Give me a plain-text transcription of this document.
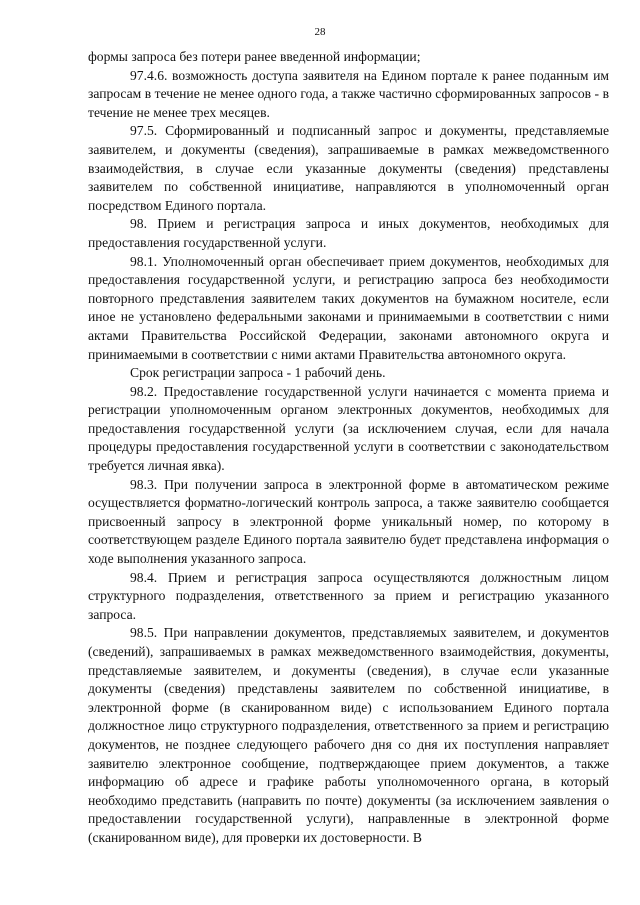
28

формы запроса без потери ранее введенной информации;

97.4.6. возможность доступа заявителя на Едином портале к ранее поданным им запросам в течение не менее одного года, а также частично сформированных запросов - в течение не менее трех месяцев.

97.5. Сформированный и подписанный запрос и документы, представляемые заявителем, и документы (сведения), запрашиваемые в рамках межведомственного взаимодействия, в случае если указанные документы (сведения) представлены заявителем по собственной инициативе, направляются в уполномоченный орган посредством Единого портала.

98. Прием и регистрация запроса и иных документов, необходимых для предоставления государственной услуги.

98.1. Уполномоченный орган обеспечивает прием документов, необходимых для предоставления государственной услуги, и регистрацию запроса без необходимости повторного представления заявителем таких документов на бумажном носителе, если иное не установлено федеральными законами и принимаемыми в соответствии с ними актами Правительства Российской Федерации, законами автономного округа и принимаемыми в соответствии с ними актами Правительства автономного округа.

Срок регистрации запроса - 1 рабочий день.

98.2. Предоставление государственной услуги начинается с момента приема и регистрации уполномоченным органом электронных документов, необходимых для предоставления государственной услуги (за исключением случая, если для начала процедуры предоставления государственной услуги в соответствии с законодательством требуется личная явка).

98.3. При получении запроса в электронной форме в автоматическом режиме осуществляется форматно-логический контроль запроса, а также заявителю сообщается присвоенный запросу в электронной форме уникальный номер, по которому в соответствующем разделе Единого портала заявителю будет представлена информация о ходе выполнения указанного запроса.

98.4. Прием и регистрация запроса осуществляются должностным лицом структурного подразделения, ответственного за прием и регистрацию указанного запроса.

98.5. При направлении документов, представляемых заявителем, и документов (сведений), запрашиваемых в рамках межведомственного взаимодействия, документы, представляемые заявителем, и документы (сведения), в случае если указанные документы (сведения) представлены заявителем по собственной инициативе, в электронной форме (в сканированном виде) с использованием Единого портала должностное лицо структурного подразделения, ответственного за прием и регистрацию документов, не позднее следующего рабочего дня со дня их поступления направляет заявителю электронное сообщение, подтверждающее прием документов, а также информацию об адресе и графике работы уполномоченного органа, в который необходимо представить (направить по почте) документы (за исключением заявления о предоставлении государственной услуги), направленные в электронной форме (сканированном виде), для проверки их достоверности. В
